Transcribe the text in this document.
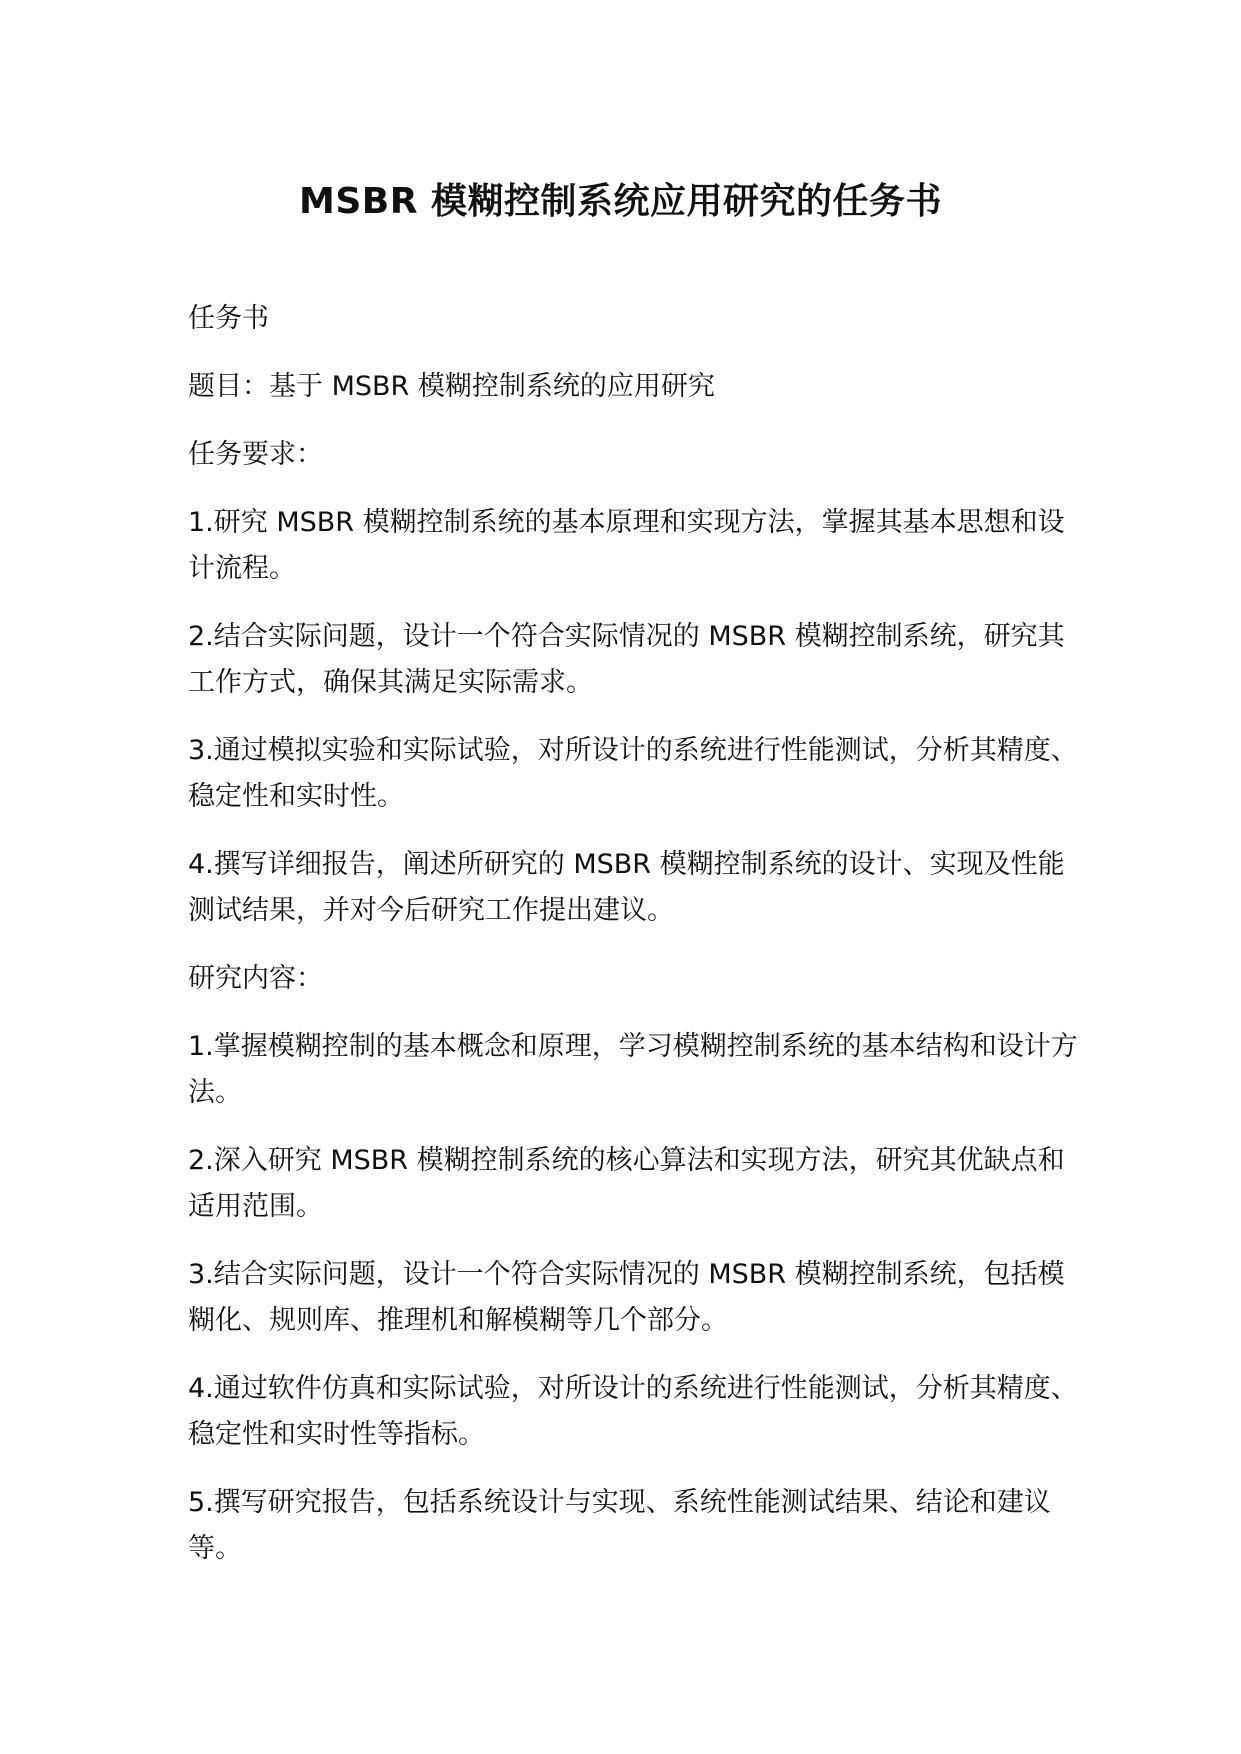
MSBR 模糊控制系统应用研究的任务书

任务书

题目：基于 MSBR 模糊控制系统的应用研究

任务要求：

1.研究 MSBR 模糊控制系统的基本原理和实现方法，掌握其基本思想和设计流程。

2.结合实际问题，设计一个符合实际情况的 MSBR 模糊控制系统，研究其工作方式，确保其满足实际需求。

3.通过模拟实验和实际试验，对所设计的系统进行性能测试，分析其精度、稳定性和实时性。

4.撰写详细报告，阐述所研究的 MSBR 模糊控制系统的设计、实现及性能测试结果，并对今后研究工作提出建议。

研究内容：

1.掌握模糊控制的基本概念和原理，学习模糊控制系统的基本结构和设计方法。

2.深入研究 MSBR 模糊控制系统的核心算法和实现方法，研究其优缺点和适用范围。

3.结合实际问题，设计一个符合实际情况的 MSBR 模糊控制系统，包括模糊化、规则库、推理机和解模糊等几个部分。

4.通过软件仿真和实际试验，对所设计的系统进行性能测试，分析其精度、稳定性和实时性等指标。

5.撰写研究报告，包括系统设计与实现、系统性能测试结果、结论和建议等。
